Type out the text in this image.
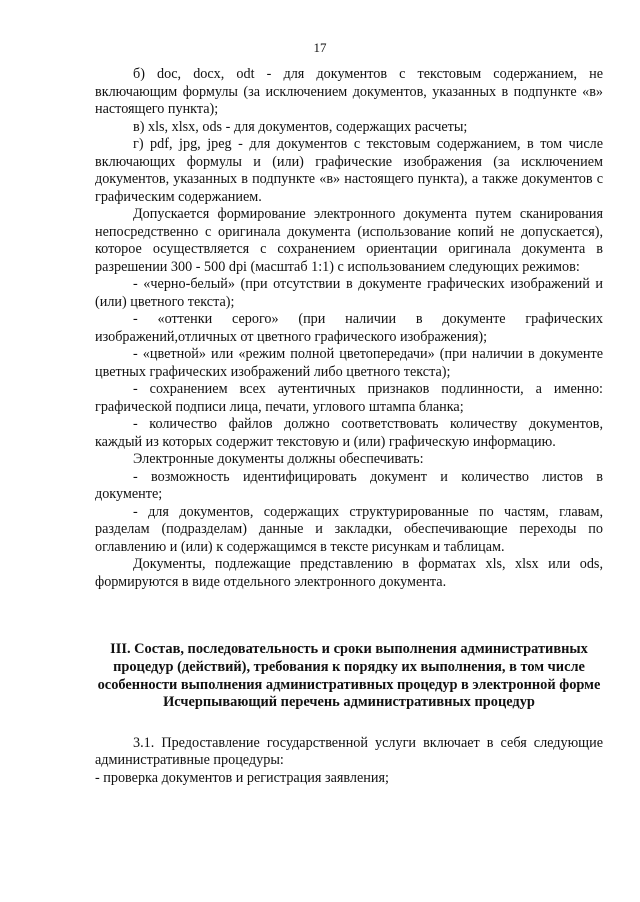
17

б) doc, docx, odt - для документов с текстовым содержанием, не включающим формулы (за исключением документов, указанных в подпункте «в» настоящего пункта);

в) xls, xlsx, ods - для документов, содержащих расчеты;

г) pdf, jpg, jpeg - для документов с текстовым содержанием, в том числе включающих формулы и (или) графические изображения (за исключением документов, указанных в подпункте «в» настоящего пункта), а также документов с графическим содержанием.

Допускается формирование электронного документа путем сканирования непосредственно с оригинала документа (использование копий не допускается), которое осуществляется с сохранением ориентации оригинала документа в разрешении 300 - 500 dpi (масштаб 1:1) с использованием следующих режимов:

- «черно-белый» (при отсутствии в документе графических изображений и (или) цветного текста);

- «оттенки серого» (при наличии в документе графических изображений,отличных от цветного графического изображения);

- «цветной» или «режим полной цветопередачи» (при наличии в документе цветных графических изображений либо цветного текста);

- сохранением всех аутентичных признаков подлинности, а именно: графической подписи лица, печати, углового штампа бланка;

- количество файлов должно соответствовать количеству документов, каждый из которых содержит текстовую и (или) графическую информацию.

Электронные документы должны обеспечивать:

- возможность идентифицировать документ и количество листов в документе;

- для документов, содержащих структурированные по частям, главам, разделам (подразделам) данные и закладки, обеспечивающие переходы по оглавлению и (или) к содержащимся в тексте рисункам и таблицам.

Документы, подлежащие представлению в форматах xls, xlsx или ods, формируются в виде отдельного электронного документа.

III. Состав, последовательность и сроки выполнения административных процедур (действий), требования к порядку их выполнения, в том числе особенности выполнения административных процедур в электронной форме

Исчерпывающий перечень административных процедур

3.1. Предоставление государственной услуги включает в себя следующие административные процедуры:

- проверка документов и регистрация заявления;
